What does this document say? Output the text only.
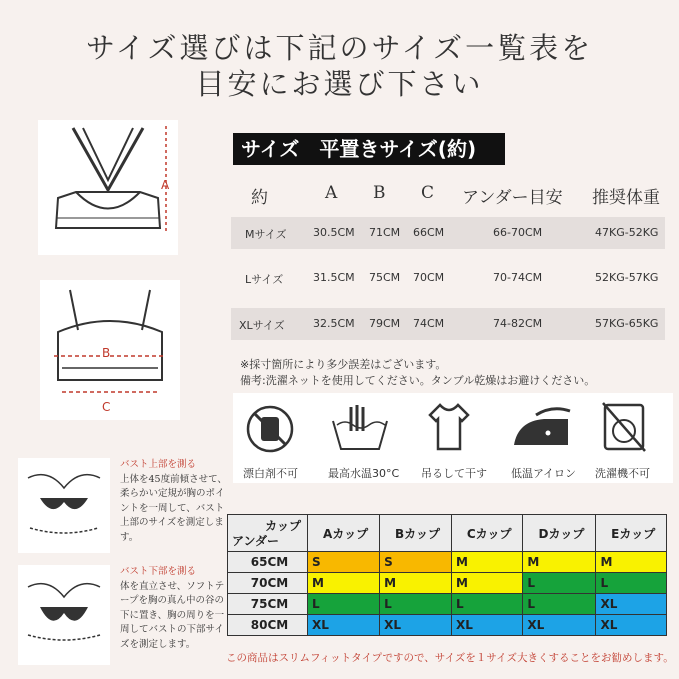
サイズ選びは下記のサイズ一覧表を
目安にお選び下さい
A
B
C
サイズ　平置きサイズ(約)
約	A B C アンダー目安 推奨体重
Mサイズ 30.5CM 71CM 66CM	66-70CM	47KG-52KG
Lサイズ	31.5CM 75CM 70CM	70-74CM	52KG-57KG
XLサイズ	32.5CM 79CM 74CM	74-82CM	57KG-65KG
※採寸箇所により多少誤差はございます。
備考:洗濯ネットを使用してください。タンブル乾燥はお避けください。
漂白剤不可	最高水温30°C 吊るして干す 低温アイロン 洗濯機不可
バスト上部を測る
上体を45度前傾させて、柔らかい定規が胸のポイントを一周して、バスト上部のサイズを測定します。
バスト下部を測る
体を直立させ、ソフトテープを胸の真ん中の谷の下に置き、胸の周りを一周してバストの下部サイズを測定します。
カップ
アンダー	Aカップ	Bカップ	Cカップ	Dカップ	Eカップ
65CM	S	S	M	M	M
70CM	M	M	M	L	L
75CM	L	L	L	L	XL
80CM	XL	XL	XL	XL	XL
この商品はスリムフィットタイプですので、サイズを１サイズ大きくすることをお勧めします。
